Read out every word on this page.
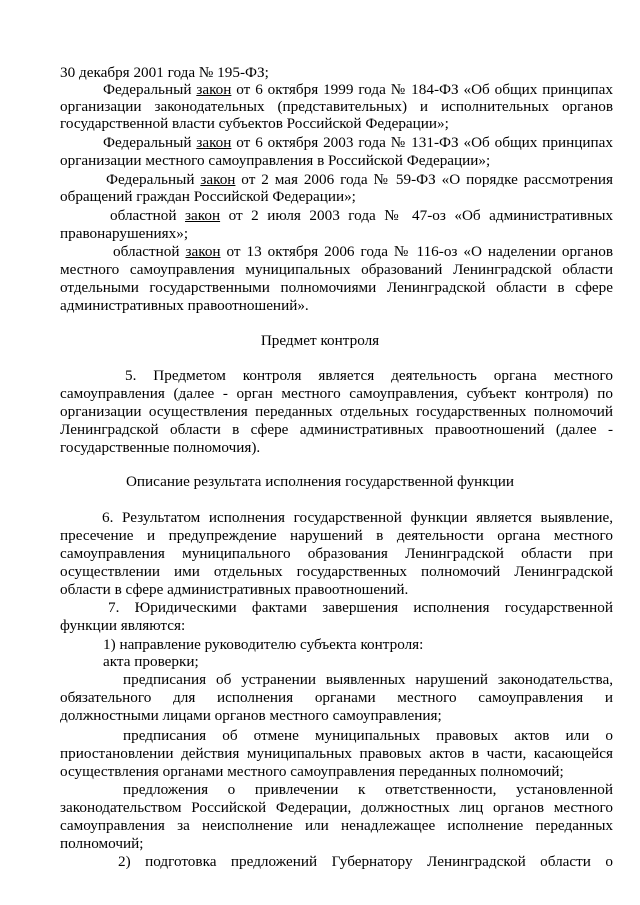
30 декабря 2001 года № 195-ФЗ;
Федеральный закон от 6 октября 1999 года № 184-ФЗ «Об общих принципах
организации законодательных (представительных) и исполнительных органов
государственной власти субъектов Российской Федерации»;
Федеральный закон от 6 октября 2003 года № 131-ФЗ «Об общих принципах
организации местного самоуправления в Российской Федерации»;
Федеральный закон от 2 мая 2006 года № 59-ФЗ «О порядке рассмотрения
обращений граждан Российской Федерации»;
областной закон от 2 июля 2003 года № 47-оз «Об административных
правонарушениях»;
областной закон от 13 октября 2006 года № 116-оз «О наделении органов
местного самоуправления муниципальных образований Ленинградской области
отдельными государственными полномочиями Ленинградской области в сфере
административных правоотношений».
Предмет контроля
5. Предметом контроля является деятельность органа местного
самоуправления (далее - орган местного самоуправления, субъект контроля) по
организации осуществления переданных отдельных государственных полномочий
Ленинградской области в сфере административных правоотношений (далее -
государственные полномочия).
Описание результата исполнения государственной функции
6. Результатом исполнения государственной функции является выявление,
пресечение и предупреждение нарушений в деятельности органа местного
самоуправления муниципального образования Ленинградской области при
осуществлении ими отдельных государственных полномочий Ленинградской
области в сфере административных правоотношений.
7. Юридическими фактами завершения исполнения государственной
функции являются:
1) направление руководителю субъекта контроля:
акта проверки;
предписания об устранении выявленных нарушений законодательства,
обязательного для исполнения органами местного самоуправления и
должностными лицами органов местного самоуправления;
предписания об отмене муниципальных правовых актов или о
приостановлении действия муниципальных правовых актов в части, касающейся
осуществления органами местного самоуправления переданных полномочий;
предложения о привлечении к ответственности, установленной
законодательством Российской Федерации, должностных лиц органов местного
самоуправления за неисполнение или ненадлежащее исполнение переданных
полномочий;
2) подготовка предложений Губернатору Ленинградской области о
